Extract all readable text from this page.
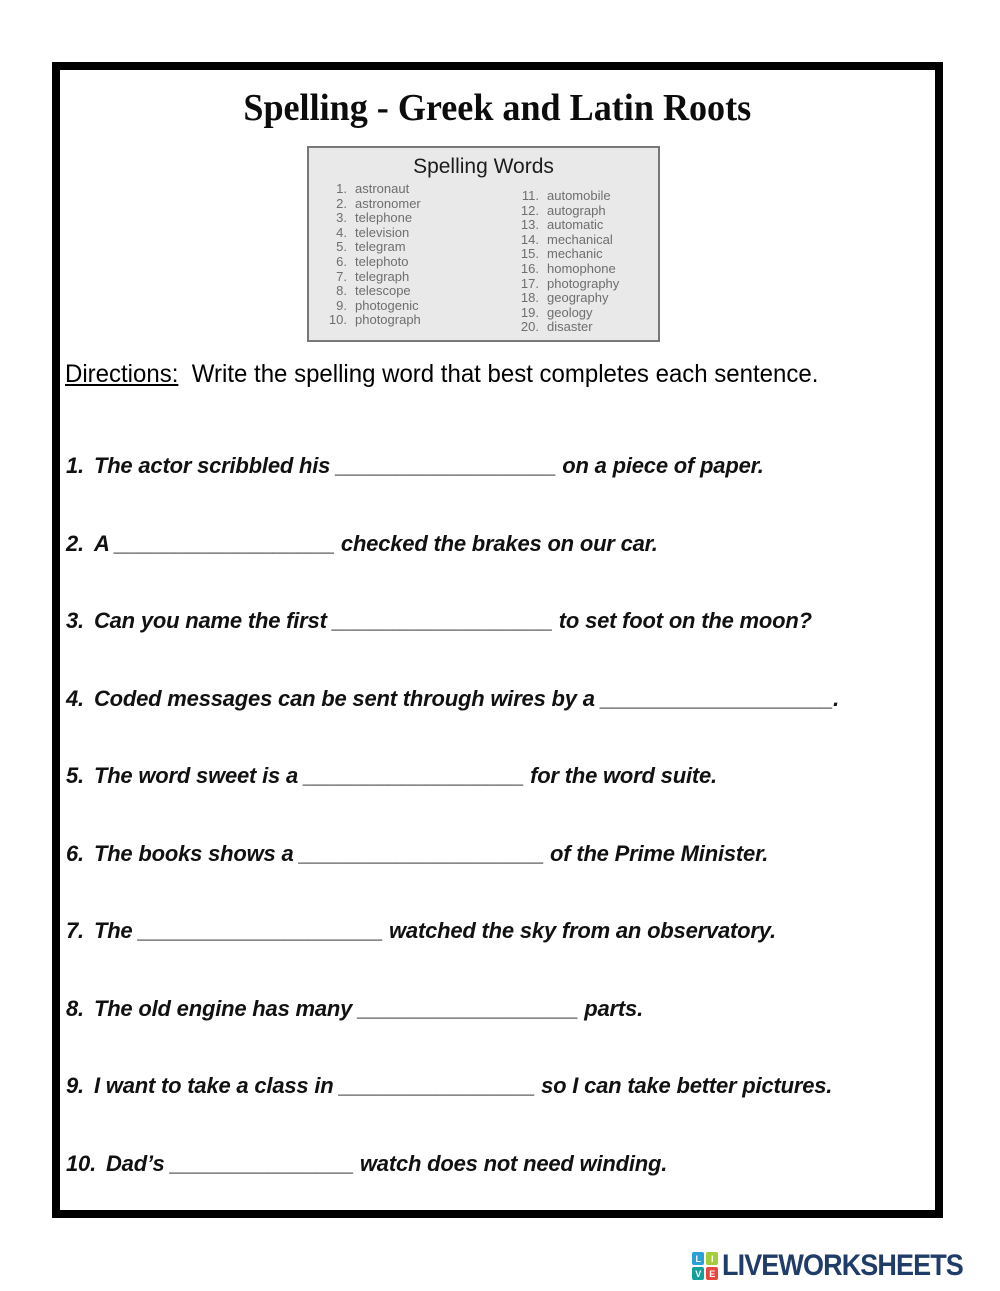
Spelling - Greek and Latin Roots
Spelling Words
1. astronaut
2. astronomer
3. telephone
4. television
5. telegram
6. telephoto
7. telegraph
8. telescope
9. photogenic
10. photograph
11. automobile
12. autograph
13. automatic
14. mechanical
15. mechanic
16. homophone
17. photography
18. geography
19. geology
20. disaster
Directions: Write the spelling word that best completes each sentence.
1. The actor scribbled his __________________ on a piece of paper.
2. A __________________ checked the brakes on our car.
3. Can you name the first __________________ to set foot on the moon?
4. Coded messages can be sent through wires by a ___________________.
5. The word sweet is a __________________ for the word suite.
6. The books shows a ____________________ of the Prime Minister.
7. The ____________________ watched the sky from an observatory.
8. The old engine has many __________________ parts.
9. I want to take a class in ________________ so I can take better pictures.
10. Dad’s _______________ watch does not need winding.
L	I
V E LIVEWORKSHEETS
